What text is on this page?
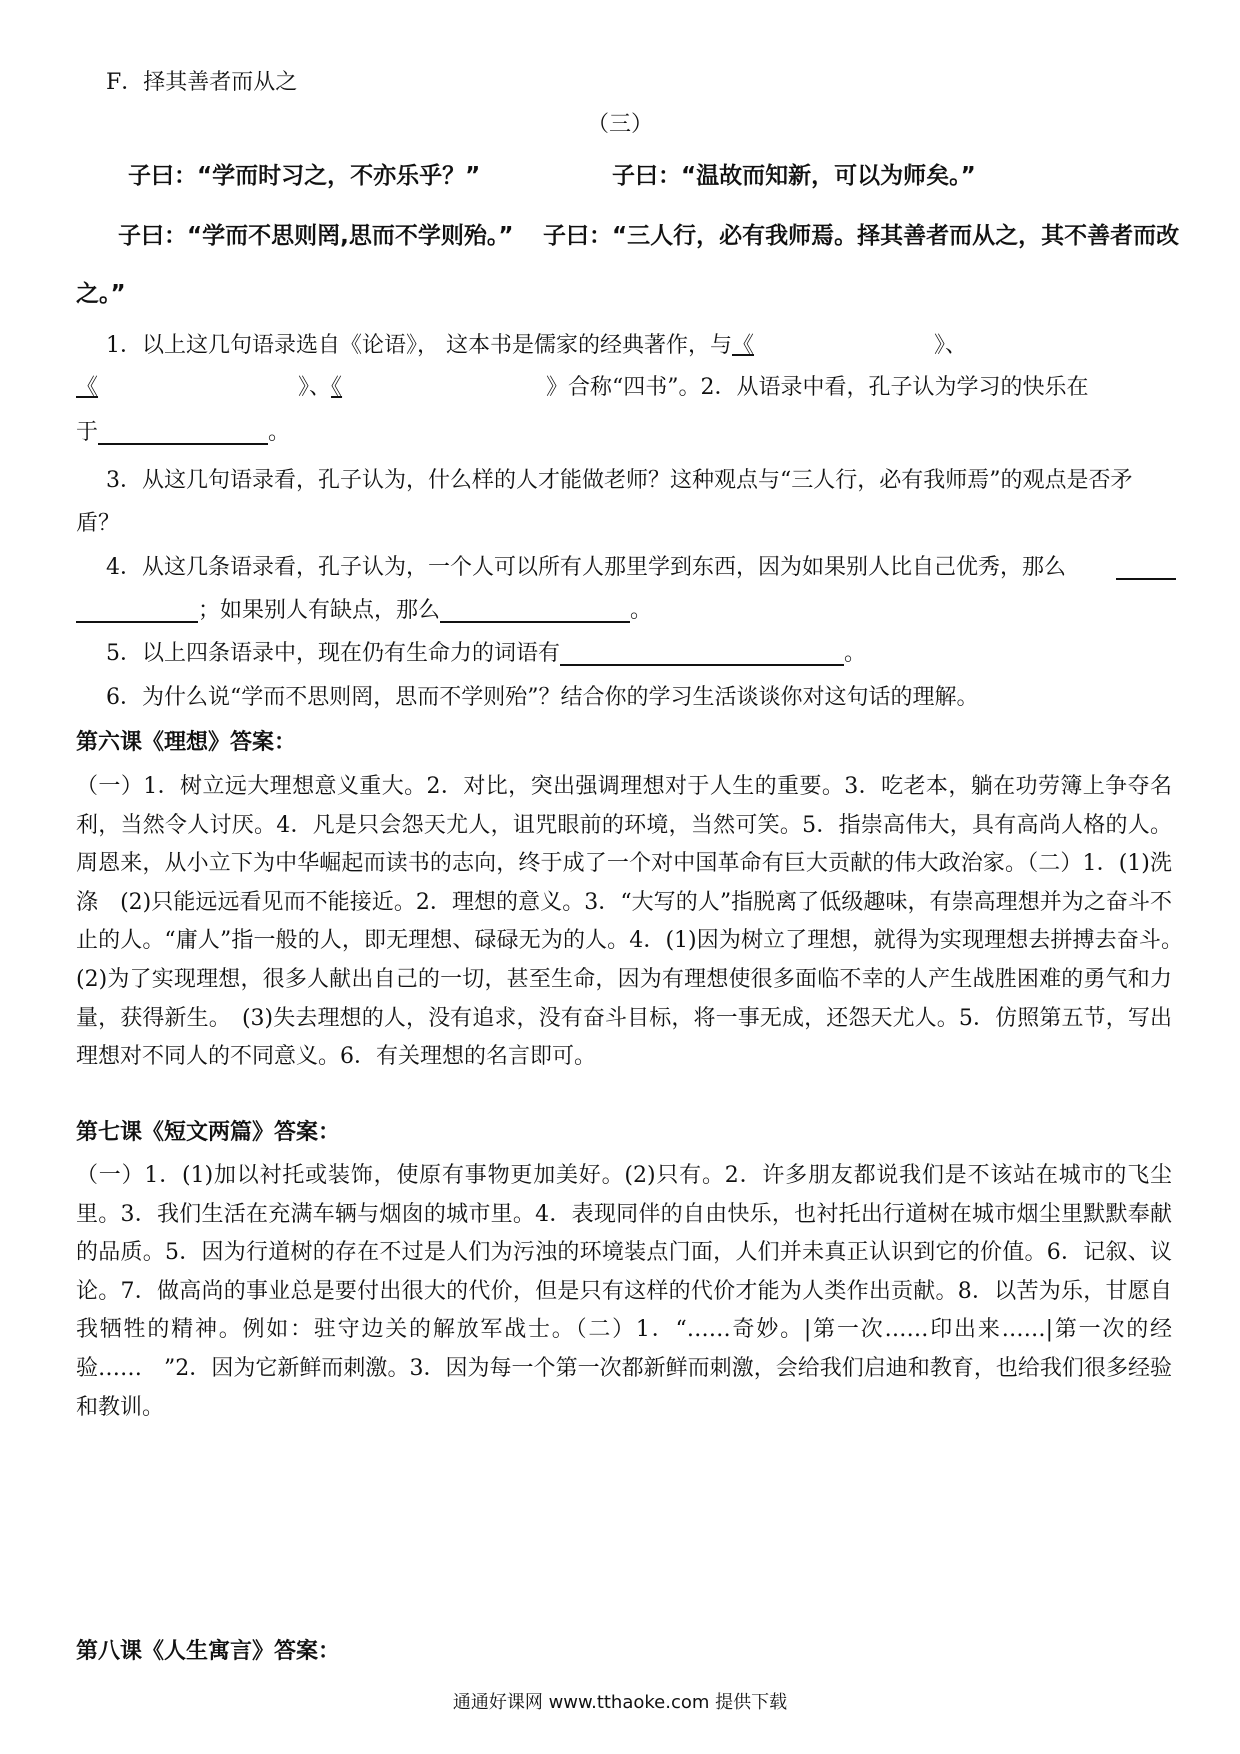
F．择其善者而从之
（三）
子曰：“学而时习之，不亦乐乎？”	子曰：“温故而知新，可以为师矣。”
子曰：“学而不思则罔,思而不学则殆。”	子曰：“三人行，必有我师焉。择其善者而从之，其不善者而改
之。”
1．以上这几句语录选自《论语》， 这本书是儒家的经典著作，与《	》、
《	》、《	》合称“四书”。2．从语录中看，孔子认为学习的快乐在
于	。
3．从这几句语录看，孔子认为，什么样的人才能做老师？这种观点与“三人行，必有我师焉”的观点是否矛
盾？
4．从这几条语录看，孔子认为，一个人可以所有人那里学到东西，因为如果别人比自己优秀，那么
；如果别人有缺点，那么	。
5．以上四条语录中，现在仍有生命力的词语有	。
6．为什么说“学而不思则罔，思而不学则殆”？结合你的学习生活谈谈你对这句话的理解。
第六课《理想》答案：
（一）1．树立远大理想意义重大。2．对比，突出强调理想对于人生的重要。3．吃老本，躺在功劳簿上争夺名利，当然令人讨厌。4．凡是只会怨天尤人，诅咒眼前的环境，当然可笑。5．指崇高伟大，具有高尚人格的人。周恩来，从小立下为中华崛起而读书的志向，终于成了一个对中国革命有巨大贡献的伟大政治家。（二）1．(1)洗涤　(2)只能远远看见而不能接近。2．理想的意义。3．“大写的人”指脱离了低级趣味，有崇高理想并为之奋斗不止的人。“庸人”指一般的人，即无理想、碌碌无为的人。4．(1)因为树立了理想，就得为实现理想去拼搏去奋斗。　(2)为了实现理想，很多人献出自己的一切，甚至生命，因为有理想使很多面临不幸的人产生战胜困难的勇气和力量，获得新生。　(3)失去理想的人，没有追求，没有奋斗目标，将一事无成，还怨天尤人。5．仿照第五节，写出理想对不同人的不同意义。6．有关理想的名言即可。
第七课《短文两篇》答案：
（一）1．(1)加以衬托或装饰，使原有事物更加美好。(2)只有。2．许多朋友都说我们是不该站在城市的飞尘里。3．我们生活在充满车辆与烟囱的城市里。4．表现同伴的自由快乐，也衬托出行道树在城市烟尘里默默奉献的品质。5．因为行道树的存在不过是人们为污浊的环境装点门面，人们并未真正认识到它的价值。6．记叙、议论。7．做高尚的事业总是要付出很大的代价，但是只有这样的代价才能为人类作出贡献。8．以苦为乐，甘愿自我牺牲的精神。例如：驻守边关的解放军战士。（二）1．“……奇妙。|第一次……印出来……|第一次的经验……　”2．因为它新鲜而刺激。3．因为每一个第一次都新鲜而刺激，会给我们启迪和教育，也给我们很多经验和教训。
第八课《人生寓言》答案：
通通好课网 www.tthaoke.com 提供下载
